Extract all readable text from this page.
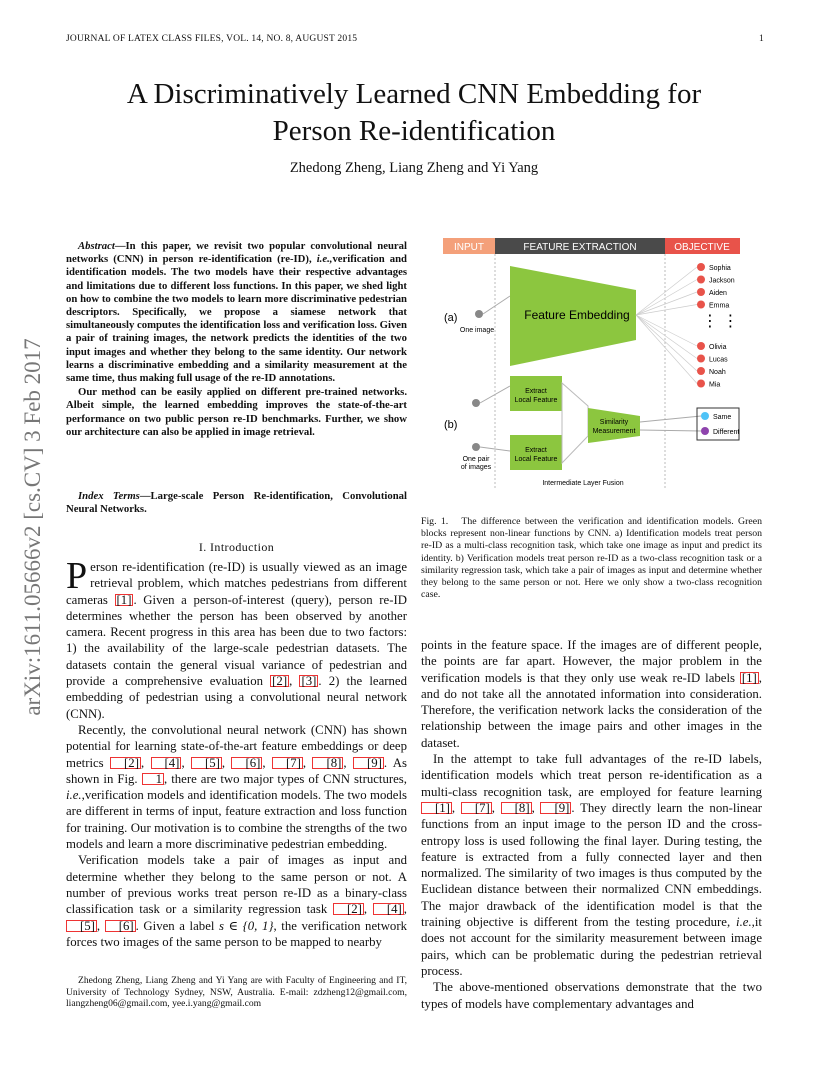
JOURNAL OF LATEX CLASS FILES, VOL. 14, NO. 8, AUGUST 2015	1
arXiv:1611.05666v2 [cs.CV] 3 Feb 2017
A Discriminatively Learned CNN Embedding for
Person Re-identification
Zhedong Zheng, Liang Zheng and Yi Yang

Abstract—In this paper, we revisit two popular convolutional neural networks (CNN) in person re-identification (re-ID), i.e.,verification and identification models. The two models have their respective advantages and limitations due to different loss functions. In this paper, we shed light on how to combine the two models to learn more discriminative pedestrian descriptors. Specifically, we propose a siamese network that simultaneously computes the identification loss and verification loss. Given a pair of training images, the network predicts the identities of the two input images and whether they belong to the same identity. Our network learns a discriminative embedding and a similarity measurement at the same time, thus making full usage of the re-ID annotations.

Our method can be easily applied on different pre-trained networks. Albeit simple, the learned embedding improves the state-of-the-art performance on two public person re-ID benchmarks. Further, we show our architecture can also be applied in image retrieval.

Index Terms—Large-scale Person Re-identification, Convolutional Neural Networks.
I. Introduction

Person re-identification (re-ID) is usually viewed as an image retrieval problem, which matches pedestrians from different cameras [1] . Given a person-of-interest (query), person re-ID determines whether the person has been observed by another camera. Recent progress in this area has been due to two factors: 1) the availability of the large-scale pedestrian datasets. The datasets contain the general visual variance of pedestrian and provide a comprehensive evaluation [2] , [3] . 2) the learned embedding of pedestrian using a convolutional neural network (CNN).

Recently, the convolutional neural network (CNN) has shown potential for learning state-of-the-art feature embeddings or deep metrics [2] , [4] , [5] , [6] , [7] , [8] , [9] . As shown in Fig. 1 , there are two major types of CNN structures, i.e.,verification models and identification models. The two models are different in terms of input, feature extraction and loss function for training. Our motivation is to combine the strengths of the two models and learn a more discriminative pedestrian embedding.

Verification models take a pair of images as input and determine whether they belong to the same person or not. A number of previous works treat person re-ID as a binary-class classification task or a similarity regression task [2] , [4] , [5] , [6] . Given a label s ∈ {0, 1}, the verification network forces two images of the same person to be mapped to nearby

Zhedong Zheng, Liang Zheng and Yi Yang are with Faculty of Engineering and IT, University of Technology Sydney, NSW, Australia. E-mail: zdzheng12@gmail.com, liangzheng06@gmail.com, yee.i.yang@gmail.com
INPUT	FEATURE EXTRACTION	OBJECTIVE
(a)
One image
Feature Embedding
Sophia
Jackson
Aiden
Emma
⋮ ⋮
Olivia
Lucas
Noah
Mia
(b)
One pair
of images
Extract
Local Feature
Extract
Local Feature
Similarity
Measurement
Same
Different
Intermediate Layer Fusion
Fig. 1. The difference between the verification and identification models. Green blocks represent non-linear functions by CNN. a) Identification models treat person re-ID as a multi-class recognition task, which take one image as input and predict its identity. b) Verification models treat person re-ID as a two-class recognition task or a similarity regression task, which take a pair of images as input and determine whether they belong to the same person or not. Here we only show a two-class recognition case.

points in the feature space. If the images are of different people, the points are far apart. However, the major problem in the verification models is that they only use weak re-ID labels [1] , and do not take all the annotated information into consideration. Therefore, the verification network lacks the consideration of the relationship between the image pairs and other images in the dataset.

In the attempt to take full advantages of the re-ID labels, identification models which treat person re-identification as a multi-class recognition task, are employed for feature learning [1] , [7] , [8] , [9] . They directly learn the non-linear functions from an input image to the person ID and the cross-entropy loss is used following the final layer. During testing, the feature is extracted from a fully connected layer and then normalized. The similarity of two images is thus computed by the Euclidean distance between their normalized CNN embeddings. The major drawback of the identification model is that the training objective is different from the testing procedure, i.e.,it does not account for the similarity measurement between image pairs, which can be problematic during the pedestrian retrieval process.

The above-mentioned observations demonstrate that the two types of models have complementary advantages and
